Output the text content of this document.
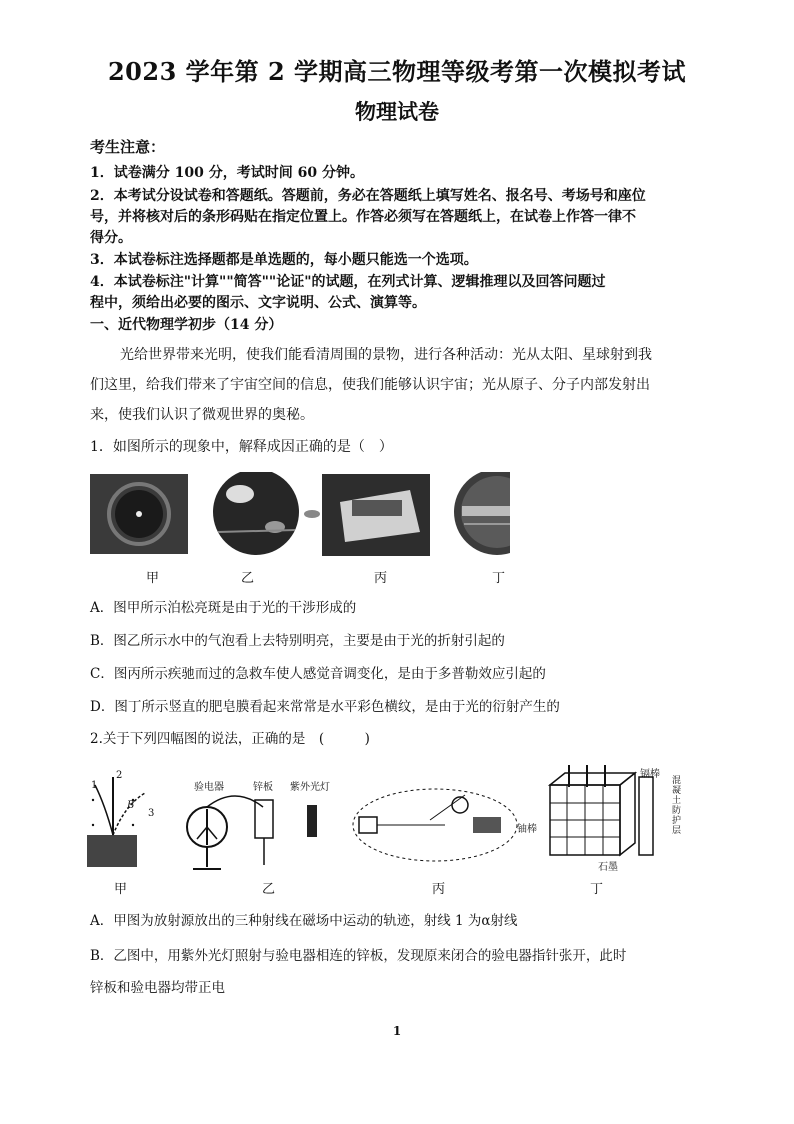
2023 学年第 2 学期高三物理等级考第一次模拟考试
物理试卷
考生注意：
1．试卷满分 100 分，考试时间 60 分钟。
2．本考试分设试卷和答题纸。答题前，务必在答题纸上填写姓名、报名号、考场号和座位
号，并将核对后的条形码贴在指定位置上。作答必须写在答题纸上，在试卷上作答一律不
得分。
3．本试卷标注选择题都是单选题的，每小题只能选一个选项。
4．本试卷标注"计算""简答""论证"的试题，在列式计算、逻辑推理以及回答问题过
程中，须给出必要的图示、文字说明、公式、演算等。
一、近代物理学初步（14 分）
光给世界带来光明，使我们能看清周围的景物，进行各种活动：光从太阳、星球射到我
们这里，给我们带来了宇宙空间的信息，使我们能够认识宇宙；光从原子、分子内部发射出
来，使我们认识了微观世界的奥秘。
1．如图所示的现象中，解释成因正确的是（　）
甲	乙	丙	丁
A．图甲所示泊松亮斑是由于光的干涉形成的
B．图乙所示水中的气泡看上去特别明亮，主要是由于光的折射引起的
C．图丙所示疾驰而过的急救车使人感觉音调变化，是由于多普勒效应引起的
D．图丁所示竖直的肥皂膜看起来常常是水平彩色横纹，是由于光的衍射产生的
2.关于下列四幅图的说法，正确的是　(　　　)
1
2
3
B
验电器	锌板 紫外光灯
镉棒
铀棒
混凝土防护层
石墨
甲	乙	丙	丁
A．甲图为放射源放出的三种射线在磁场中运动的轨迹，射线 1 为α射线
B．乙图中，用紫外光灯照射与验电器相连的锌板，发现原来闭合的验电器指针张开，此时
锌板和验电器均带正电
1
